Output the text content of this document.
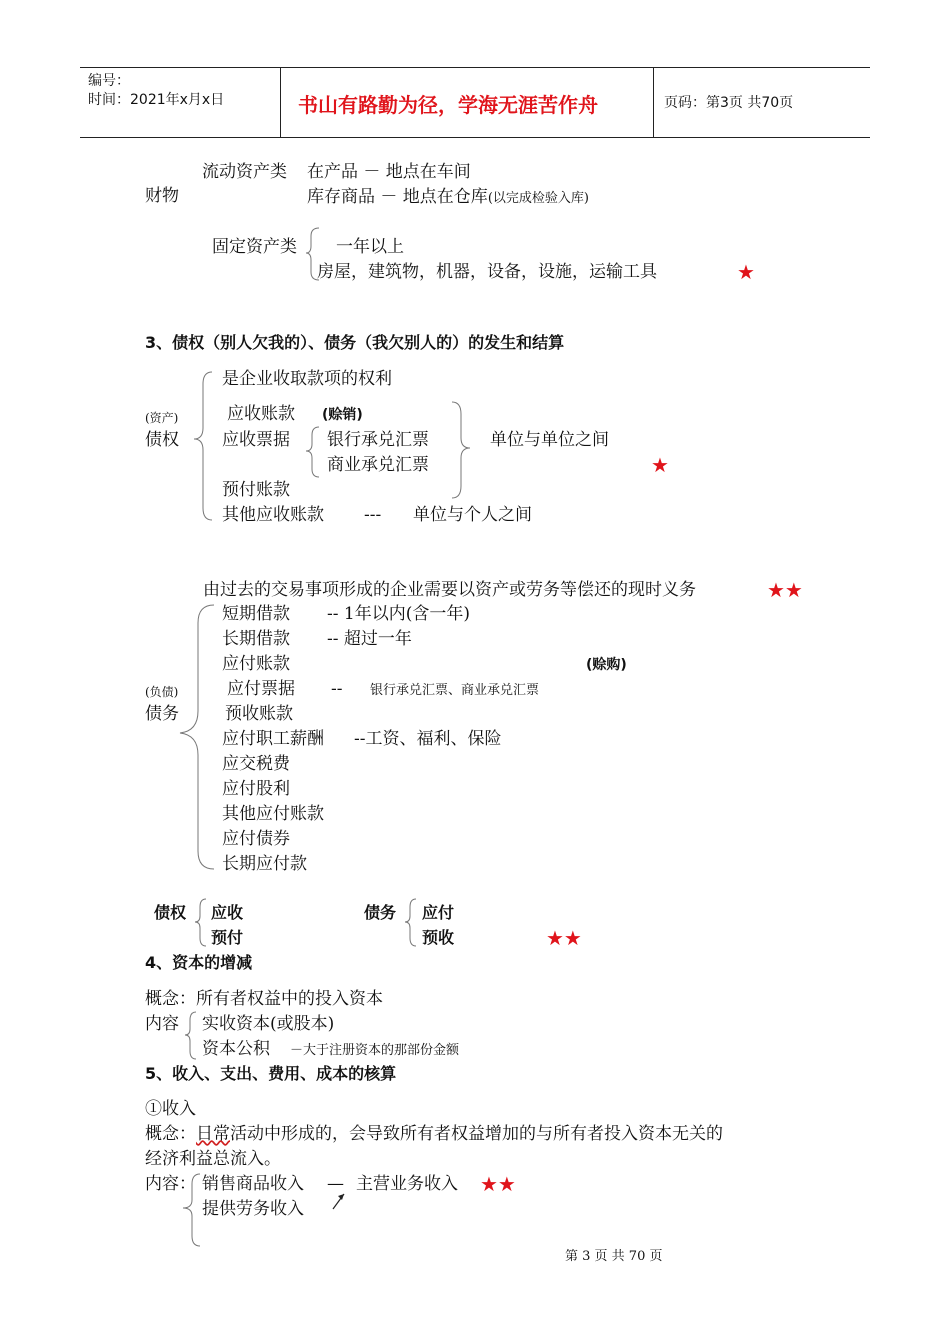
编号：
时间：2021年x月x日	书山有路勤为径，学海无涯苦作舟	页码：第3页 共70页
流动资产类 在产品 － 地点在车间
财物	库存商品 － 地点在仓库(以完成检验入库)
固定资产类 一年以上
房屋，建筑物，机器，设备，设施，运输工具	★
3、债权（别人欠我的）、债务（我欠别人的）的发生和结算
是企业收取款项的权利
(资产)	应收账款 (赊销)
债权	应收票据 银行承兑汇票
商业承兑汇票
单位与单位之间
★
预付账款
其他应收账款 --- 单位与个人之间
由过去的交易事项形成的企业需要以资产或劳务等偿还的现时义务	★★
短期借款 -- 1年以内(含一年)
长期借款 -- 超过一年
应付账款	(赊购)
(负债)	应付票据 -- 银行承兑汇票、商业承兑汇票
债务	预收账款
应付职工薪酬 --工资、福利、保险
应交税费
应付股利
其他应付账款
应付债券
长期应付款
债权 应收
预付
债务 应付
预收	★★
4、资本的增减
概念：所有者权益中的投入资本
内容 实收资本(或股本)
资本公积 －大于注册资本的那部份金额
5、收入、支出、费用、成本的核算
①收入
概念：日常活动中形成的，会导致所有者权益增加的与所有者投入资本无关的
经济利益总流入。
内容： 销售商品收入 — 主营业务收入 ★★
提供劳务收入
第 3 页 共 70 页
